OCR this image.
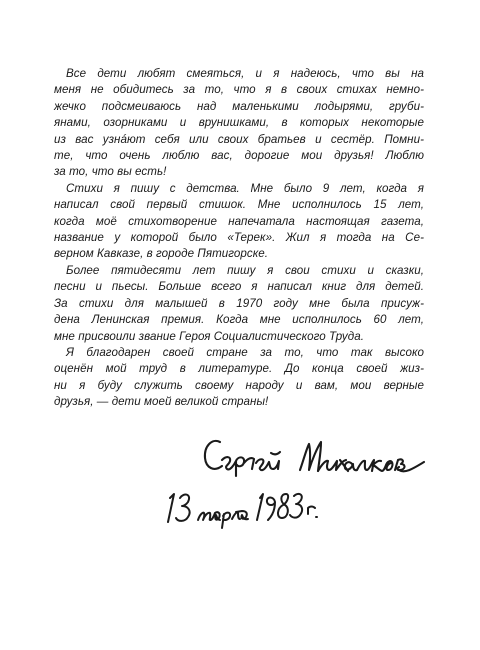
Все дети любят смеяться, и я надеюсь, что вы на
меня не обидитесь за то, что я в своих стихах немно-
жечко подсмеиваюсь над маленькими лодырями, груби-
янами, озорниками и врунишками, в которых некоторые
из вас узнáют себя или своих братьев и сестёр. Помни-
те, что очень люблю вас, дорогие мои друзья! Люблю
за то, что вы есть!

Стихи я пишу с детства. Мне было 9 лет, когда я
написал свой первый стишок. Мне исполнилось 15 лет,
когда моё стихотворение напечатала настоящая газета,
название у которой было «Терек». Жил я тогда на Се-
верном Кавказе, в городе Пятигорске.

Более пятидесяти лет пишу я свои стихи и сказки,
песни и пьесы. Больше всего я написал книг для детей.
За стихи для малышей в 1970 году мне была присуж-
дена Ленинская премия. Когда мне исполнилось 60 лет,
мне присвоили звание Героя Социалистического Труда.

Я благодарен своей стране за то, что так высоко
оценён мой труд в литературе. До конца своей жиз-
ни я буду служить своему народу и вам, мои верные
друзья, — дети моей великой страны!
